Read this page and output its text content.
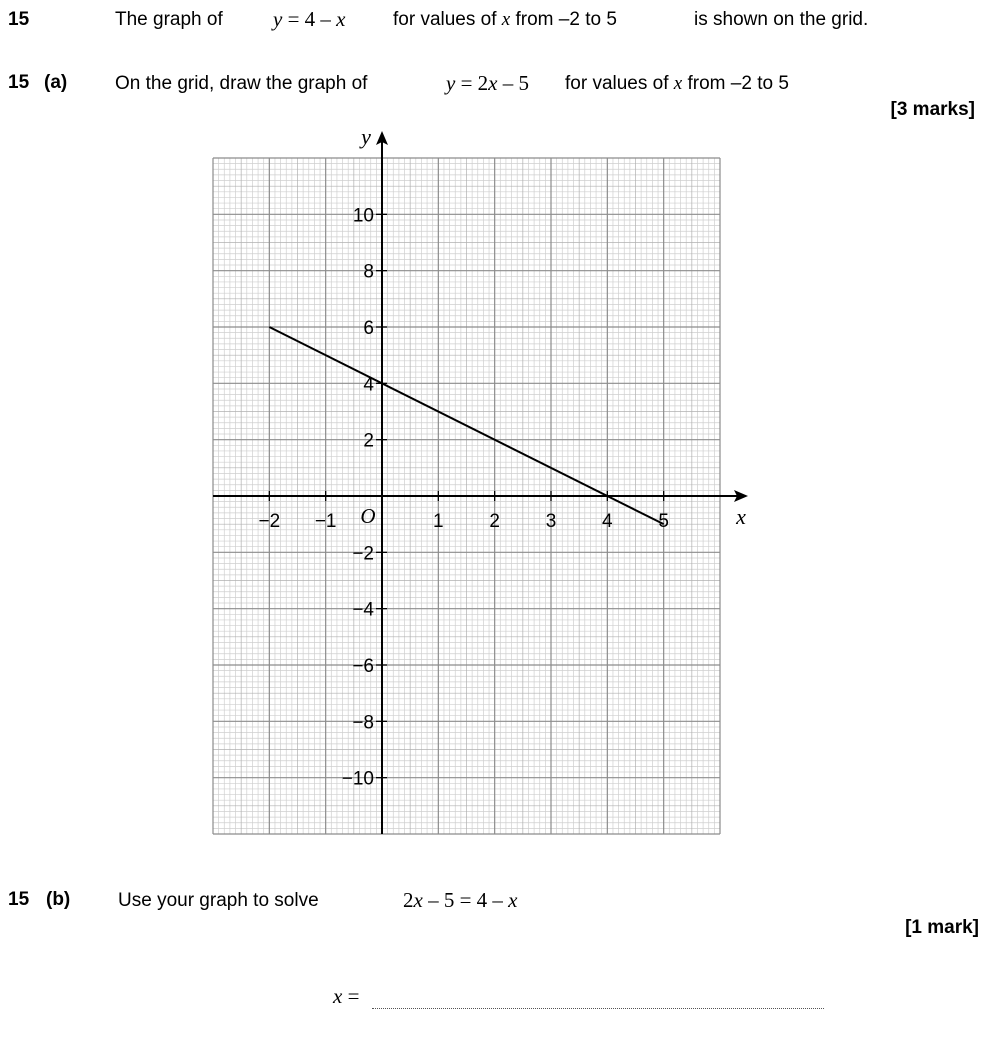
15	The graph of y = 4 – x	for values of x from –2 to 5	is shown on the grid.
15 (a)	On the grid, draw the graph of	y = 2x – 5 for values of x from –2 to 5
[3 marks]
−2 −1	1 2 3 4 5
10
8
6
4
2
−2
−4
−6
−8
−10
x
y
O
15 (b)	Use your graph to solve	2x – 5 = 4 – x
[1 mark]
x =
